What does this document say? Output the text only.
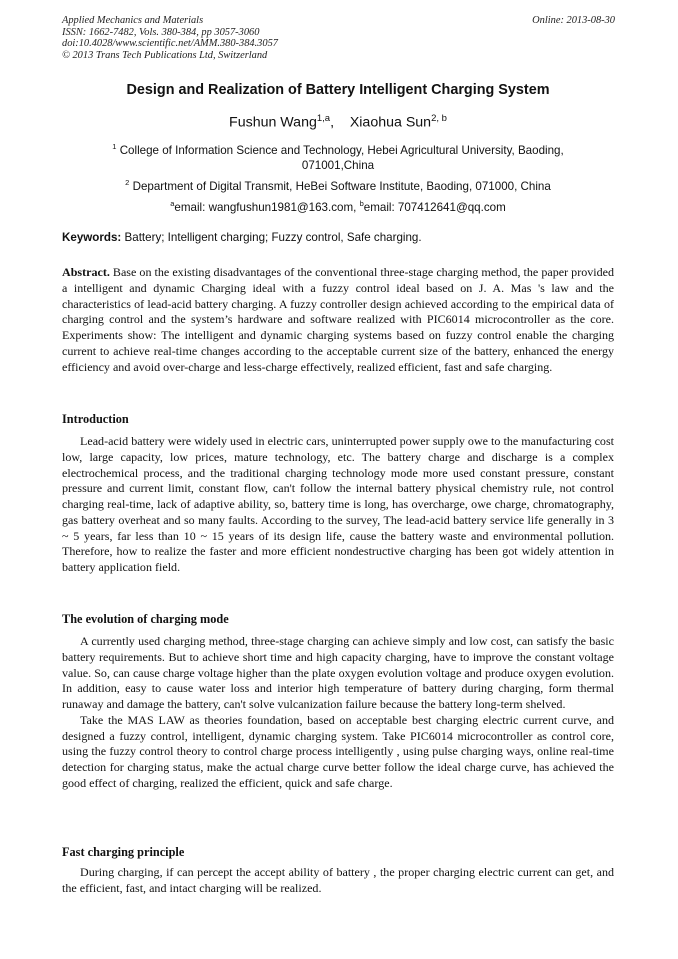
Applied Mechanics and Materials
ISSN: 1662-7482, Vols. 380-384, pp 3057-3060
doi:10.4028/www.scientific.net/AMM.380-384.3057
© 2013 Trans Tech Publications Ltd, Switzerland
Online: 2013-08-30
Design and Realization of Battery Intelligent Charging System
Fushun Wang$^{1,a}$, Xiaohua Sun$^{2, b}$
$^1$ College of Information Science and Technology, Hebei Agricultural University, Baoding, 071001,China
$^2$ Department of Digital Transmit, HeBei Software Institute, Baoding, 071000, China
$^a$email: wangfushun1981@163.com, $^b$email: 707412641@qq.com
Keywords: Battery; Intelligent charging; Fuzzy control, Safe charging.

Abstract. Base on the existing disadvantages of the conventional three-stage charging method, the paper provided a intelligent and dynamic Charging ideal with a fuzzy control ideal based on J. A. Mas 's law and the characteristics of lead-acid battery charging. A fuzzy controller design achieved according to the empirical data of charging control and the system’s hardware and software realized with PIC6014 microcontroller as the core. Experiments show: The intelligent and dynamic charging systems based on fuzzy control enable the charging current to achieve real-time changes according to the acceptable current size of the battery, enhanced the energy efficiency and avoid over-charge and less-charge effectively, realized efficient, fast and safe charging.

Introduction

Lead-acid battery were widely used in electric cars, uninterrupted power supply owe to the manufacturing cost low, large capacity, low prices, mature technology, etc. The battery charge and discharge is a complex electrochemical process, and the traditional charging technology mode more used constant pressure, constant pressure and current limit, constant flow, can't follow the internal battery physical chemistry rule, not control charging real-time, lack of adaptive ability, so, battery time is long, has overcharge, owe charge, chromatography, gas battery overheat and so many faults. According to the survey, The lead-acid battery service life generally in 3 ~ 5 years, far less than 10 ~ 15 years of its design life, cause the battery waste and environmental pollution. Therefore, how to realize the faster and more efficient nondestructive charging has been got widely attention in battery application field.

The evolution of charging mode

A currently used charging method, three-stage charging can achieve simply and low cost, can satisfy the basic battery requirements. But to achieve short time and high capacity charging, have to improve the constant voltage value. So, can cause charge voltage higher than the plate oxygen evolution voltage and produce oxygen evolution. In addition, easy to cause water loss and interior high temperature of battery during charging, form thermal runaway and damage the battery, can't solve vulcanization failure because the battery long-term shelved.

Take the MAS LAW as theories foundation, based on acceptable best charging electric current curve, and designed a fuzzy control, intelligent, dynamic charging system. Take PIC6014 microcontroller as control core, using the fuzzy control theory to control charge process intelligently , using pulse charging ways, online real-time detection for charging status, make the actual charge curve better follow the ideal charge curve, has achieved the good effect of charging, realized the efficient, quick and safe charge.

Fast charging principle

During charging, if can percept the accept ability of battery , the proper charging electric current can get, and the efficient, fast, and intact charging will be realized.
